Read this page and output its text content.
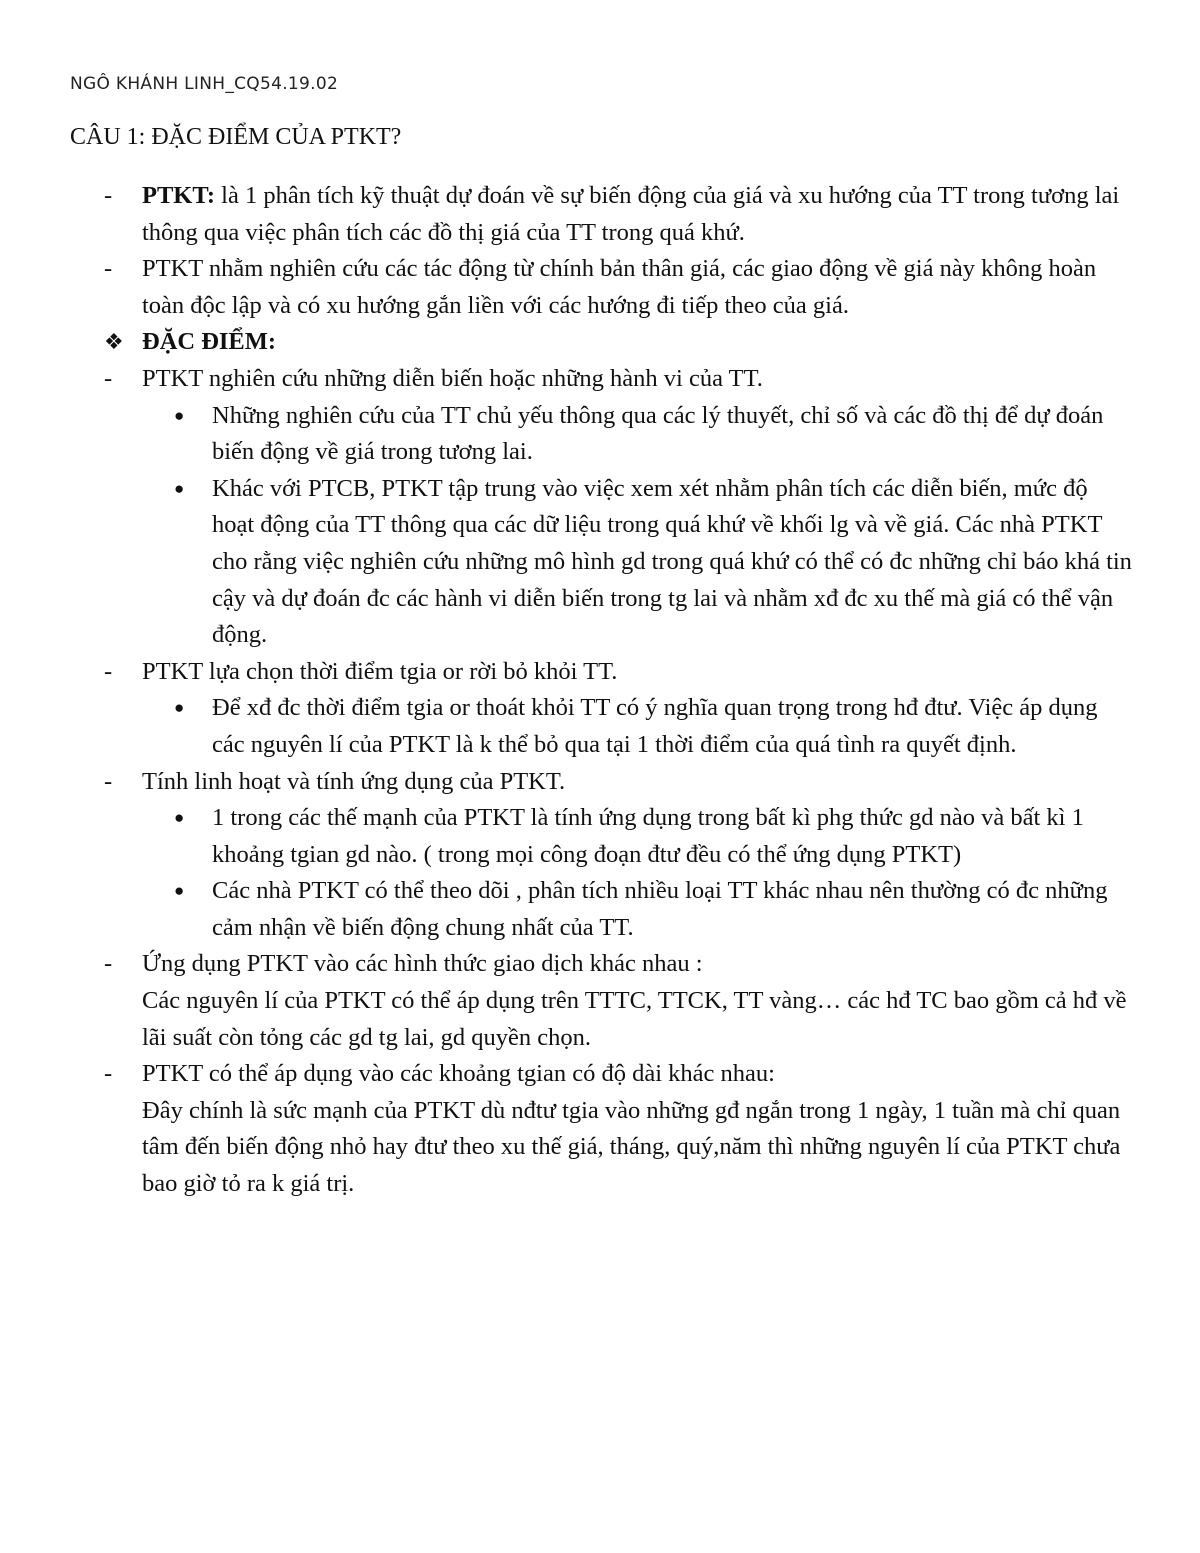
NGÔ KHÁNH LINH_CQ54.19.02
CÂU 1: ĐẶC ĐIỂM CỦA PTKT?
- PTKT: là 1 phân tích kỹ thuật dự đoán về sự biến động của giá và xu hướng của TT trong tương lai thông qua việc phân tích các đồ thị giá của TT trong quá khứ.
- PTKT nhằm nghiên cứu các tác động từ chính bản thân giá, các giao động về giá này không hoàn toàn độc lập và có xu hướng gắn liền với các hướng đi tiếp theo của giá.
❖ ĐẶC ĐIỂM:
- PTKT nghiên cứu những diễn biến hoặc những hành vi của TT.
● Những nghiên cứu của TT chủ yếu thông qua các lý thuyết, chỉ số và các đồ thị để dự đoán biến động về giá trong tương lai.
● Khác với PTCB, PTKT tập trung vào việc xem xét nhằm phân tích các diễn biến, mức độ hoạt động của TT thông qua các dữ liệu trong quá khứ về khối lg và về giá. Các nhà PTKT cho rằng việc nghiên cứu những mô hình gd trong quá khứ có thể có đc những chỉ báo khá tin cậy và dự đoán đc các hành vi diễn biến trong tg lai và nhằm xđ đc xu thế mà giá có thể vận động.
- PTKT lựa chọn thời điểm tgia or rời bỏ khỏi TT.
● Để xđ đc thời điểm tgia or thoát khỏi TT có ý nghĩa quan trọng trong hđ đtư. Việc áp dụng các nguyên lí của PTKT là k thể bỏ qua tại 1 thời điểm của quá tình ra quyết định.
- Tính linh hoạt và tính ứng dụng của PTKT.
● 1 trong các thế mạnh của PTKT là tính ứng dụng trong bất kì phg thức gd nào và bất kì 1 khoảng tgian gd nào. ( trong mọi công đoạn đtư đều có thể ứng dụng PTKT)
● Các nhà PTKT có thể theo dõi , phân tích nhiều loại TT khác nhau nên thường có đc những cảm nhận về biến động chung nhất của TT.
- Ứng dụng PTKT vào các hình thức giao dịch khác nhau :
Các nguyên lí của PTKT có thể áp dụng trên TTTC, TTCK, TT vàng… các hđ TC bao gồm cả hđ về lãi suất còn tỏng các gd tg lai, gd quyền chọn.
- PTKT có thể áp dụng vào các khoảng tgian có độ dài khác nhau:
Đây chính là sức mạnh của PTKT dù nđtư tgia vào những gđ ngắn trong 1 ngày, 1 tuần mà chỉ quan tâm đến biến động nhỏ hay đtư theo xu thế giá, tháng, quý,năm thì những nguyên lí của PTKT chưa bao giờ tỏ ra k giá trị.
